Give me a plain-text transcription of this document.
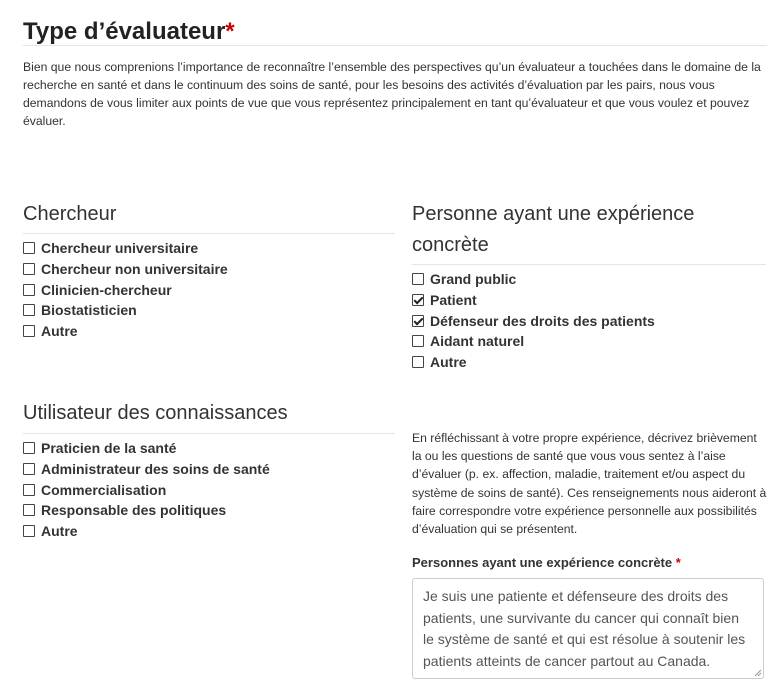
Type d’évaluateur*

Bien que nous comprenions l’importance de reconnaître l’ensemble des perspectives qu’un évaluateur a touchées dans le domaine de la recherche en santé et dans le continuum des soins de santé, pour les besoins des activités d’évaluation par les pairs, nous vous demandons de vous limiter aux points de vue que vous représentez principalement en tant qu’évaluateur et que vous voulez et pouvez évaluer.

Chercheur
Chercheur universitaire
Chercheur non universitaire
Clinicien-chercheur
Biostatisticien
Autre
Personne ayant une expérience concrète
Grand public
Patient
Défenseur des droits des patients
Aidant naturel
Autre
Utilisateur des connaissances
Praticien de la santé
Administrateur des soins de santé
Commercialisation
Responsable des politiques
Autre

En réfléchissant à votre propre expérience, décrivez brièvement la ou les questions de santé que vous vous sentez à l’aise d’évaluer (p. ex. affection, maladie, traitement et/ou aspect du système de soins de santé). Ces renseignements nous aideront à faire correspondre votre expérience personnelle aux possibilités d’évaluation qui se présentent.

Personnes ayant une expérience concrète *

Je suis une patiente et défenseure des droits des patients, une survivante du cancer qui connaît bien le système de santé et qui est résolue à soutenir les patients atteints de cancer partout au Canada.
